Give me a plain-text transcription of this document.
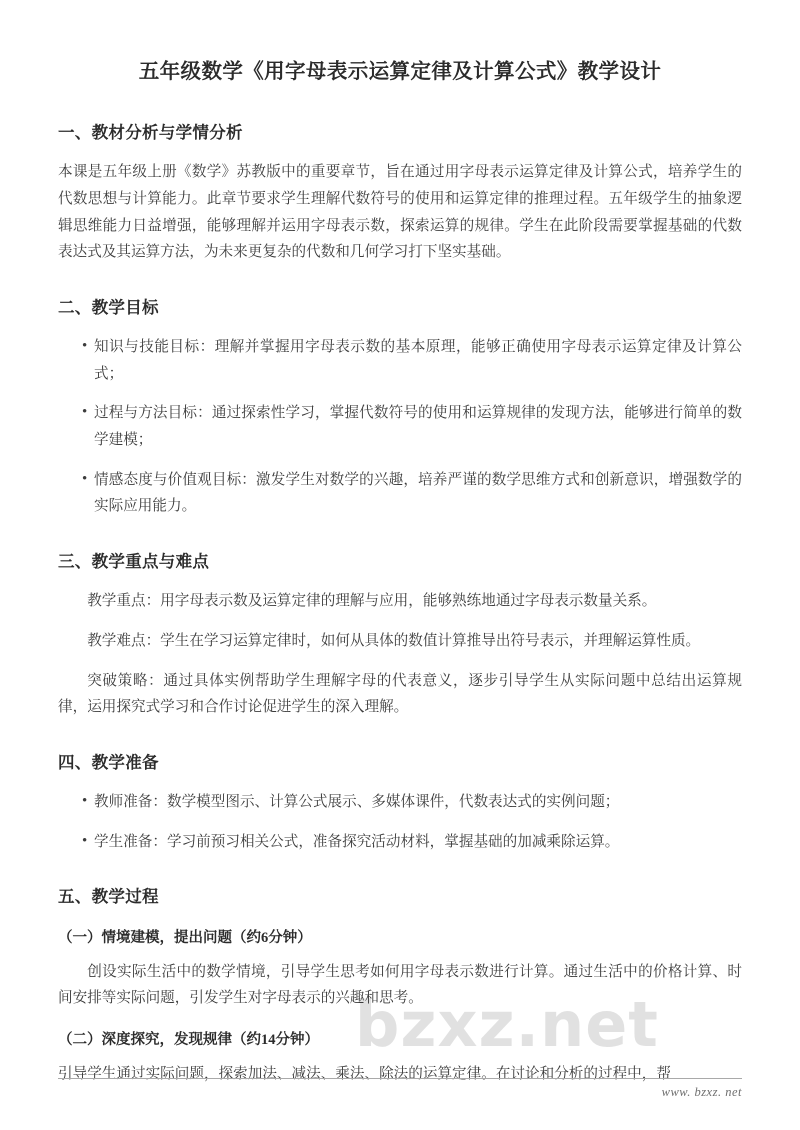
bzxz.net
五年级数学《用字母表示运算定律及计算公式》教学设计
一、教材分析与学情分析

本课是五年级上册《数学》苏教版中的重要章节，旨在通过用字母表示运算定律及计算公式，培养学生的代数思想与计算能力。此章节要求学生理解代数符号的使用和运算定律的推理过程。五年级学生的抽象逻辑思维能力日益增强，能够理解并运用字母表示数，探索运算的规律。学生在此阶段需要掌握基础的代数表达式及其运算方法，为未来更复杂的代数和几何学习打下坚实基础。

二、教学目标
• 知识与技能目标：理解并掌握用字母表示数的基本原理，能够正确使用字母表示运算定律及计算公式；
• 过程与方法目标：通过探索性学习，掌握代数符号的使用和运算规律的发现方法，能够进行简单的数学建模；
• 情感态度与价值观目标：激发学生对数学的兴趣，培养严谨的数学思维方式和创新意识，增强数学的实际应用能力。
三、教学重点与难点

教学重点：用字母表示数及运算定律的理解与应用，能够熟练地通过字母表示数量关系。

教学难点：学生在学习运算定律时，如何从具体的数值计算推导出符号表示，并理解运算性质。

突破策略：通过具体实例帮助学生理解字母的代表意义，逐步引导学生从实际问题中总结出运算规律，运用探究式学习和合作讨论促进学生的深入理解。

四、教学准备
• 教师准备：数学模型图示、计算公式展示、多媒体课件，代数表达式的实例问题；
• 学生准备：学习前预习相关公式，准备探究活动材料，掌握基础的加减乘除运算。
五、教学过程
（一）情境建模，提出问题（约6分钟）

创设实际生活中的数学情境，引导学生思考如何用字母表示数进行计算。通过生活中的价格计算、时间安排等实际问题，引发学生对字母表示的兴趣和思考。

（二）深度探究，发现规律（约14分钟）

引导学生通过实际问题，探索加法、减法、乘法、除法的运算定律。在讨论和分析的过程中，帮

www. bzxz. net
